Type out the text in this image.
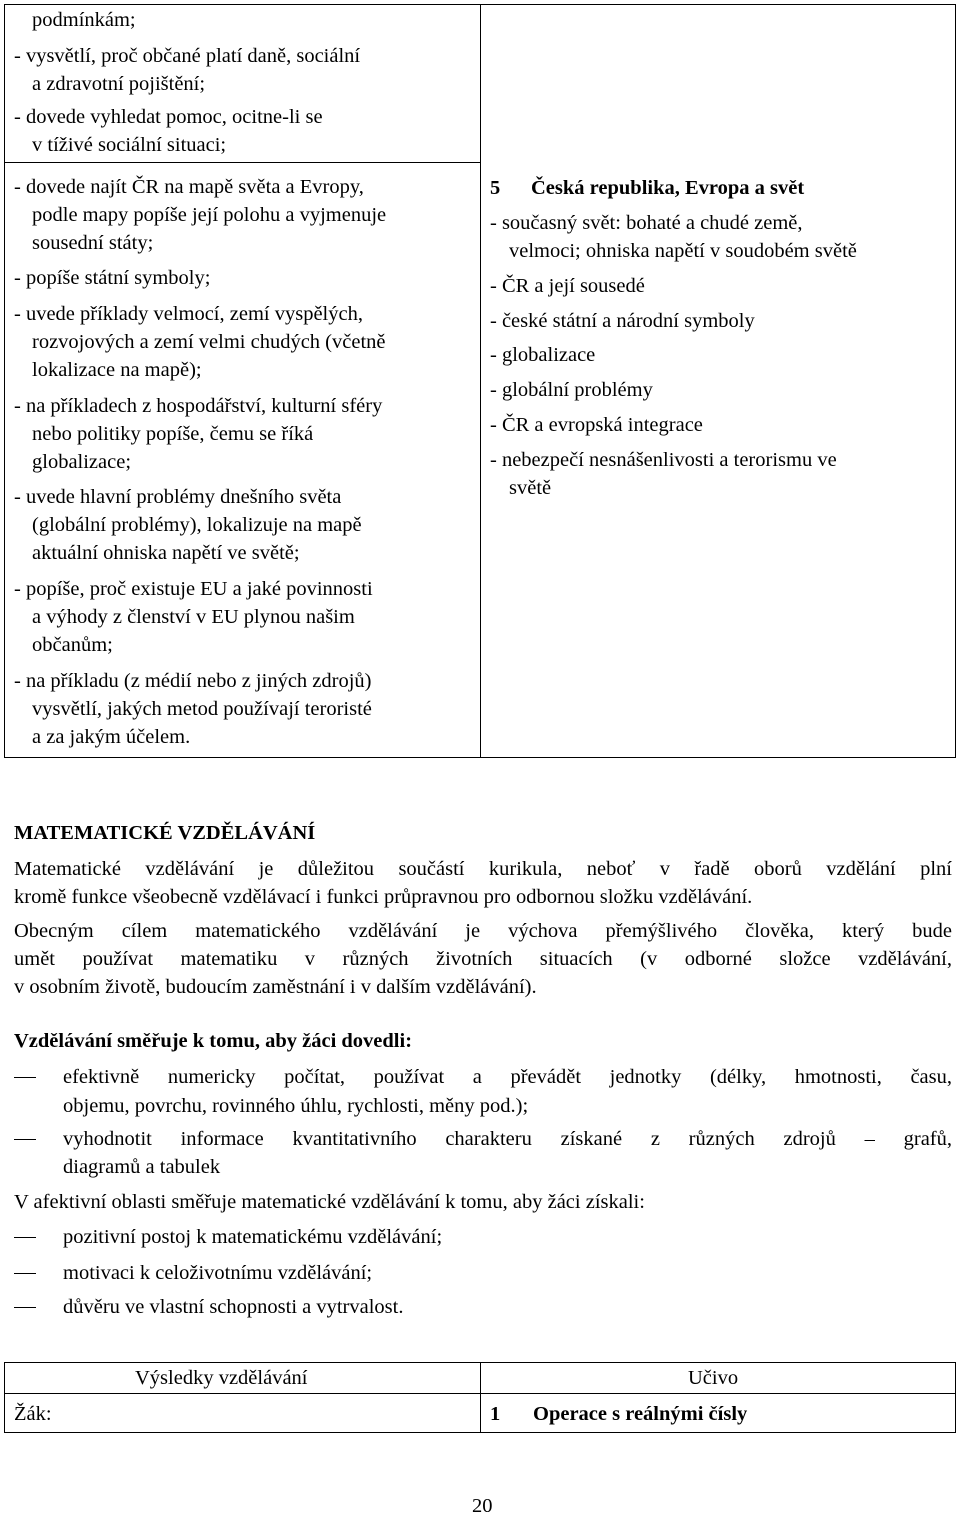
podmínkám;
- vysvětlí, proč občané platí daně, sociální
a zdravotní pojištění;
- dovede vyhledat pomoc, ocitne-li se
v tíživé sociální situaci;
- dovede najít ČR na mapě světa a Evropy,
podle mapy popíše její polohu a vyjmenuje
sousední státy;
- popíše státní symboly;
- uvede příklady velmocí, zemí vyspělých,
rozvojových a zemí velmi chudých (včetně
lokalizace na mapě);
- na příkladech z hospodářství, kulturní sféry
nebo politiky popíše, čemu se říká
globalizace;
- uvede hlavní problémy dnešního světa
(globální problémy), lokalizuje na mapě
aktuální ohniska napětí ve světě;
- popíše, proč existuje EU a jaké povinnosti
a výhody z členství v EU plynou našim
občanům;
- na příkladu (z médií nebo z jiných zdrojů)
vysvětlí, jakých metod používají teroristé
a za jakým účelem.
5 Česká republika, Evropa a svět
- současný svět: bohaté a chudé země,
velmoci; ohniska napětí v soudobém světě
- ČR a její sousedé
- české státní a národní symboly
- globalizace
- globální problémy
- ČR a evropská integrace
- nebezpečí nesnášenlivosti a terorismu ve
světě
MATEMATICKÉ VZDĚLÁVÁNÍ
Matematické vzdělávání je důležitou součástí kurikula, neboť v řadě oborů vzdělání plní
kromě funkce všeobecně vzdělávací i funkci průpravnou pro odbornou složku vzdělávání.
Obecným cílem matematického vzdělávání je výchova přemýšlivého člověka, který bude
umět používat matematiku v různých životních situacích (v odborné složce vzdělávání,
v osobním životě, budoucím zaměstnání i v dalším vzdělávání).
Vzdělávání směřuje k tomu, aby žáci dovedli:
efektivně numericky počítat, používat a převádět jednotky (délky, hmotnosti, času,
objemu, povrchu, rovinného úhlu, rychlosti, měny pod.);
vyhodnotit informace kvantitativního charakteru získané z různých zdrojů – grafů,
diagramů a tabulek
V afektivní oblasti směřuje matematické vzdělávání k tomu, aby žáci získali:
pozitivní postoj k matematickému vzdělávání;
motivaci k celoživotnímu vzdělávání;
důvěru ve vlastní schopnosti a vytrvalost.
Výsledky vzdělávání	Učivo
Žák:	1 Operace s reálnými čísly
20
